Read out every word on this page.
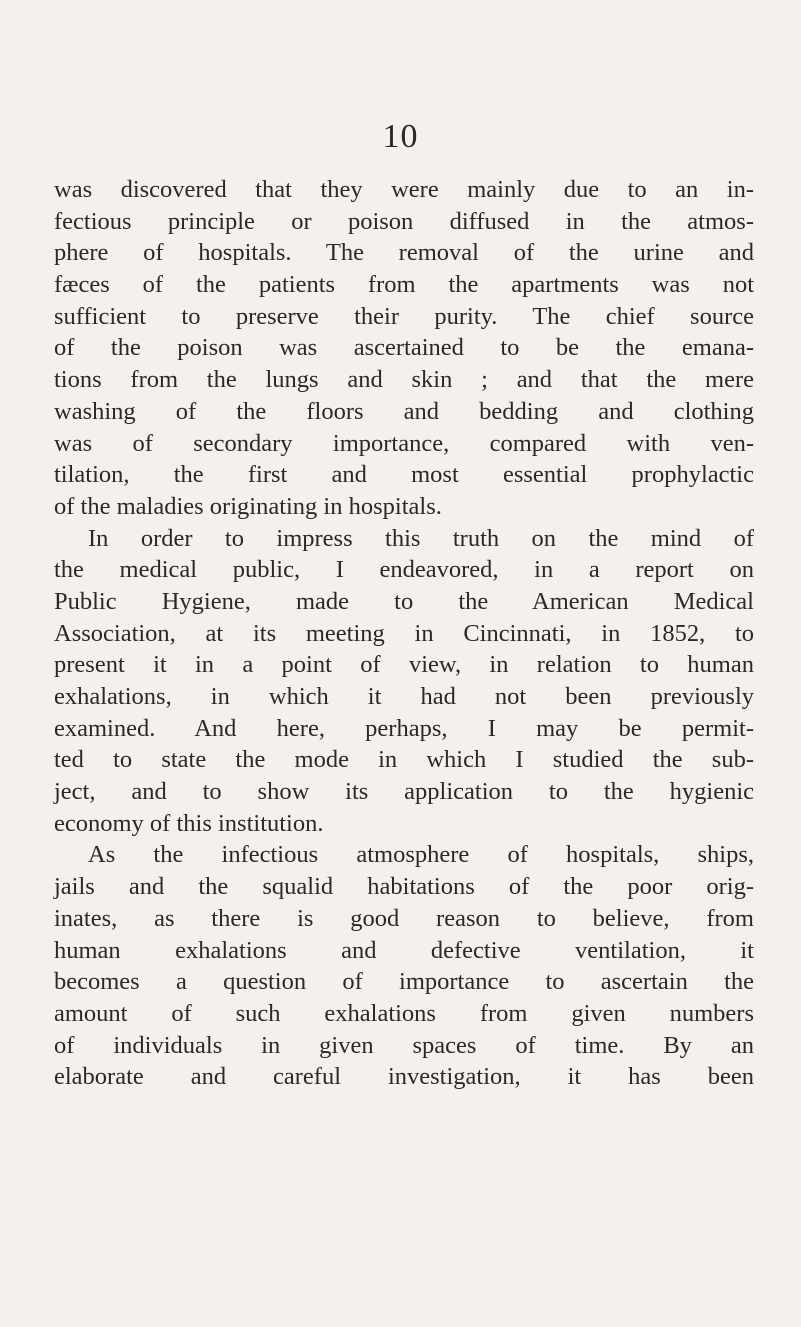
10
was discovered that they were mainly due to an in-
fectious principle or poison diffused in the atmos-
phere of hospitals. The removal of the urine and
fæces of the patients from the apartments was not
sufficient to preserve their purity. The chief source
of the poison was ascertained to be the emana-
tions from the lungs and skin ; and that the mere
washing of the floors and bedding and clothing
was of secondary importance, compared with ven-
tilation, the first and most essential prophylactic
of the maladies originating in hospitals.
In order to impress this truth on the mind of
the medical public, I endeavored, in a report on
Public Hygiene, made to the American Medical
Association, at its meeting in Cincinnati, in 1852, to
present it in a point of view, in relation to human
exhalations, in which it had not been previously
examined. And here, perhaps, I may be permit-
ted to state the mode in which I studied the sub-
ject, and to show its application to the hygienic
economy of this institution.
As the infectious atmosphere of hospitals, ships,
jails and the squalid habitations of the poor orig-
inates, as there is good reason to believe, from
human exhalations and defective ventilation, it
becomes a question of importance to ascertain the
amount of such exhalations from given numbers
of individuals in given spaces of time. By an
elaborate and careful investigation, it has been
